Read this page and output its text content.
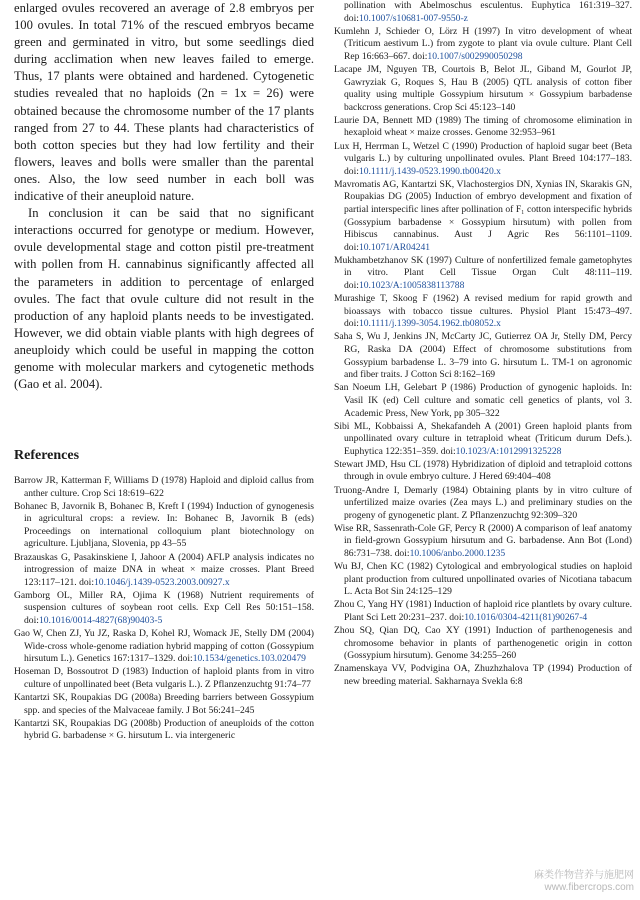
enlarged ovules recovered an average of 2.8 embryos per 100 ovules. In total 71% of the rescued embryos became green and germinated in vitro, but some seedlings died during acclimation when new leaves failed to emerge. Thus, 17 plants were obtained and hardened. Cytogenetic studies revealed that no haploids (2n = 1x = 26) were obtained because the chromosome number of the 17 plants ranged from 27 to 44. These plants had characteristics of both cotton species but they had low fertility and their flowers, leaves and bolls were smaller than the parental ones. Also, the low seed number in each boll was indicative of their aneuploid nature.
In conclusion it can be said that no significant interactions occurred for genotype or medium. However, ovule developmental stage and cotton pistil pre-treatment with pollen from H. cannabinus significantly affected all the parameters in addition to percentage of enlarged ovules. The fact that ovule culture did not result in the production of any haploid plants needs to be investigated. However, we did obtain viable plants with high degrees of aneuploidy which could be useful in mapping the cotton genome with molecular markers and cytogenetic methods (Gao et al. 2004).
References
Barrow JR, Katterman F, Williams D (1978) Haploid and diploid callus from anther culture. Crop Sci 18:619–622
Bohanec B, Javornik B, Bohanec B, Kreft I (1994) Induction of gynogenesis in agricultural crops: a review. In: Bohanec B, Javornik B (eds) Proceedings on international colloquium plant biotechnology on agriculture. Ljubljana, Slovenia, pp 43–55
Brazauskas G, Pasakinskiene I, Jahoor A (2004) AFLP analysis indicates no introgression of maize DNA in wheat × maize crosses. Plant Breed 123:117–121. doi:10.1046/j.1439-0523.2003.00927.x
Gamborg OL, Miller RA, Ojima K (1968) Nutrient requirements of suspension cultures of soybean root cells. Exp Cell Res 50:151–158. doi:10.1016/0014-4827(68)90403-5
Gao W, Chen ZJ, Yu JZ, Raska D, Kohel RJ, Womack JE, Stelly DM (2004) Wide-cross whole-genome radiation hybrid mapping of cotton (Gossypium hirsutum L.). Genetics 167:1317–1329. doi:10.1534/genetics.103.020479
Hoseman D, Bossoutrot D (1983) Induction of haploid plants from in vitro culture of unpollinated beet (Beta vulgaris L.). Z Pflanzenzuchtg 91:74–77
Kantartzi SK, Roupakias DG (2008a) Breeding barriers between Gossypium spp. and species of the Malvaceae family. J Bot 56:241–245
Kantartzi SK, Roupakias DG (2008b) Production of aneuploids of the cotton hybrid G. barbadense × G. hirsutum L. via intergeneric
pollination with Abelmoschus esculentus. Euphytica 161:319–327. doi:10.1007/s10681-007-9550-z
Kumlehn J, Schieder O, Lörz H (1997) In vitro development of wheat (Triticum aestivum L.) from zygote to plant via ovule culture. Plant Cell Rep 16:663–667. doi:10.1007/s002990050298
Lacape JM, Nguyen TB, Courtois B, Belot JL, Giband M, Gourlot JP, Gawryziak G, Roques S, Hau B (2005) QTL analysis of cotton fiber quality using multiple Gossypium hirsutum × Gossypium barbadense backcross generations. Crop Sci 45:123–140
Laurie DA, Bennett MD (1989) The timing of chromosome elimination in hexaploid wheat × maize crosses. Genome 32:953–961
Lux H, Herrman L, Wetzel C (1990) Production of haploid sugar beet (Beta vulgaris L.) by culturing unpollinated ovules. Plant Breed 104:177–183. doi:10.1111/j.1439-0523.1990.tb00420.x
Mavromatis AG, Kantartzi SK, Vlachostergios DN, Xynias IN, Skarakis GN, Roupakias DG (2005) Induction of embryo development and fixation of partial interspecific lines after pollination of F₁ cotton interspecific hybrids (Gossypium barbadense × Gossypium hirsutum) with pollen from Hibiscus cannabinus. Aust J Agric Res 56:1101–1109. doi:10.1071/AR04241
Mukhambetzhanov SK (1997) Culture of nonfertilized female gametophytes in vitro. Plant Cell Tissue Organ Cult 48:111–119. doi:10.1023/A:1005838113788
Murashige T, Skoog F (1962) A revised medium for rapid growth and bioassays with tobacco tissue cultures. Physiol Plant 15:473–497. doi:10.1111/j.1399-3054.1962.tb08052.x
Saha S, Wu J, Jenkins JN, McCarty JC, Gutierrez OA Jr, Stelly DM, Percy RG, Raska DA (2004) Effect of chromosome substitutions from Gossypium barbadense L. 3–79 into G. hirsutum L. TM-1 on agronomic and fiber traits. J Cotton Sci 8:162–169
San Noeum LH, Gelebart P (1986) Production of gynogenic haploids. In: Vasil IK (ed) Cell culture and somatic cell genetics of plants, vol 3. Academic Press, New York, pp 305–322
Sibi ML, Kobbaissi A, Shekafandeh A (2001) Green haploid plants from unpollinated ovary culture in tetraploid wheat (Triticum durum Defs.). Euphytica 122:351–359. doi:10.1023/A:1012991325228
Stewart JMD, Hsu CL (1978) Hybridization of diploid and tetraploid cottons through in ovule embryo culture. J Hered 69:404–408
Truong-Andre I, Demarly (1984) Obtaining plants by in vitro culture of unfertilized maize ovaries (Zea mays L.) and preliminary studies on the progeny of gynogenetic plant. Z Pflanzenzuchtg 92:309–320
Wise RR, Sassenrath-Cole GF, Percy R (2000) A comparison of leaf anatomy in field-grown Gossypium hirsutum and G. barbadense. Ann Bot (Lond) 86:731–738. doi:10.1006/anbo.2000.1235
Wu BJ, Chen KC (1982) Cytological and embryological studies on haploid plant production from cultured unpollinated ovaries of Nicotiana tabacum L. Acta Bot Sin 24:125–129
Zhou C, Yang HY (1981) Induction of haploid rice plantlets by ovary culture. Plant Sci Lett 20:231–237. doi:10.1016/0304-4211(81)90267-4
Zhou SQ, Qian DQ, Cao XY (1991) Induction of parthenogenesis and chromosome behavior in plants of parthenogenetic origin in cotton (Gossypium hirsutum). Genome 34:255–260
Znamenskaya VV, Podvigina OA, Zhuzhzhalova TP (1994) Production of new breeding material. Sakharnaya Svekla 6:8
麻类作物营养与施肥网
www.fibercrops.com
